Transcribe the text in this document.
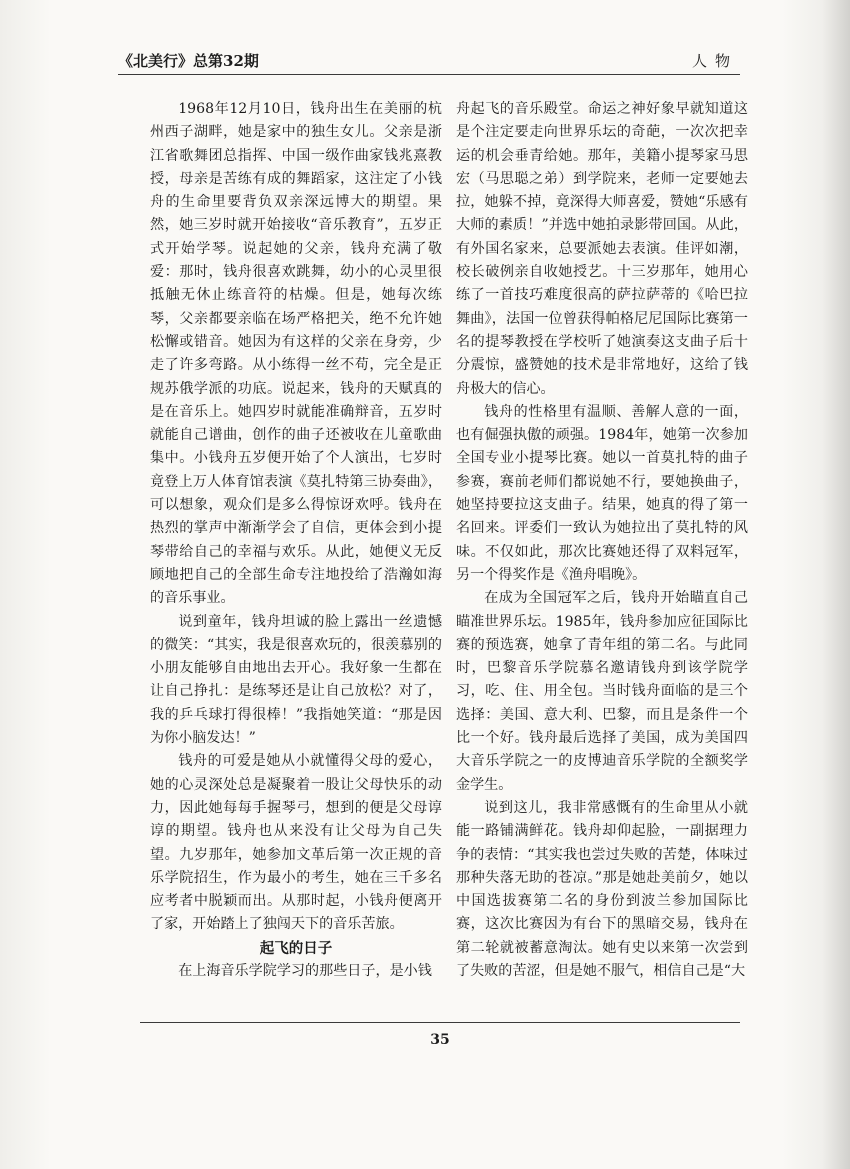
《北美行》总第32期	人物

1968年12月10日，钱舟出生在美丽的杭州西子湖畔，她是家中的独生女儿。父亲是浙江省歌舞团总指挥、中国一级作曲家钱兆熹教授，母亲是苦练有成的舞蹈家，这注定了小钱舟的生命里要背负双亲深远博大的期望。果然，她三岁时就开始接收“音乐教育”，五岁正式开始学琴。说起她的父亲，钱舟充满了敬爱：那时，钱舟很喜欢跳舞，幼小的心灵里很抵触无休止练音符的枯燥。但是，她每次练琴，父亲都要亲临在场严格把关，绝不允许她松懈或错音。她因为有这样的父亲在身旁，少走了许多弯路。从小练得一丝不苟，完全是正规苏俄学派的功底。说起来，钱舟的天赋真的是在音乐上。她四岁时就能准确辩音，五岁时就能自己谱曲，创作的曲子还被收在儿童歌曲集中。小钱舟五岁便开始了个人演出，七岁时竟登上万人体育馆表演《莫扎特第三协奏曲》，可以想象，观众们是多么得惊讶欢呼。钱舟在热烈的掌声中渐渐学会了自信，更体会到小提琴带给自己的幸福与欢乐。从此，她便义无反顾地把自己的全部生命专注地投给了浩瀚如海的音乐事业。

说到童年，钱舟坦诚的脸上露出一丝遗憾的微笑：“其实，我是很喜欢玩的，很羡慕别的小朋友能够自由地出去开心。我好象一生都在让自己挣扎：是练琴还是让自己放松？对了，我的乒乓球打得很棒！”我指她笑道：“那是因为你小脑发达！”

钱舟的可爱是她从小就懂得父母的爱心，她的心灵深处总是凝聚着一股让父母快乐的动力，因此她每每手握琴弓，想到的便是父母谆谆的期望。钱舟也从来没有让父母为自己失望。九岁那年，她参加文革后第一次正规的音乐学院招生，作为最小的考生，她在三千多名应考者中脱颖而出。从那时起，小钱舟便离开了家，开始踏上了独闯天下的音乐苦旅。

起飞的日子

在上海音乐学院学习的那些日子，是小钱

舟起飞的音乐殿堂。命运之神好象早就知道这是个注定要走向世界乐坛的奇葩，一次次把幸运的机会垂青给她。那年，美籍小提琴家马思宏（马思聪之弟）到学院来，老师一定要她去拉，她躲不掉，竟深得大师喜爱，赞她“乐感有大师的素质！”并选中她拍录影带回国。从此，有外国名家来，总要派她去表演。佳评如潮，校长破例亲自收她授艺。十三岁那年，她用心练了一首技巧难度很高的萨拉萨蒂的《哈巴拉舞曲》，法国一位曾获得帕格尼尼国际比赛第一名的提琴教授在学校听了她演奏这支曲子后十分震惊，盛赞她的技术是非常地好，这给了钱舟极大的信心。

钱舟的性格里有温顺、善解人意的一面，也有倔强执傲的顽强。1984年，她第一次参加全国专业小提琴比赛。她以一首莫扎特的曲子参赛，赛前老师们都说她不行，要她换曲子，她坚持要拉这支曲子。结果，她真的得了第一名回来。评委们一致认为她拉出了莫扎特的风味。不仅如此，那次比赛她还得了双料冠军，另一个得奖作是《渔舟唱晚》。

在成为全国冠军之后，钱舟开始瞄直自己瞄准世界乐坛。1985年，钱舟参加应征国际比赛的预选赛，她拿了青年组的第二名。与此同时，巴黎音乐学院慕名邀请钱舟到该学院学习，吃、住、用全包。当时钱舟面临的是三个选择：美国、意大利、巴黎，而且是条件一个比一个好。钱舟最后选择了美国，成为美国四大音乐学院之一的皮博迪音乐学院的全额奖学金学生。

说到这儿，我非常感慨有的生命里从小就能一路铺满鲜花。钱舟却仰起脸，一副据理力争的表情：“其实我也尝过失败的苦楚，体味过那种失落无助的苍凉。”那是她赴美前夕，她以中国选拔赛第二名的身份到波兰参加国际比赛，这次比赛因为有台下的黑暗交易，钱舟在第二轮就被蓄意淘汰。她有史以来第一次尝到了失败的苦涩，但是她不服气，相信自己是“大

35
